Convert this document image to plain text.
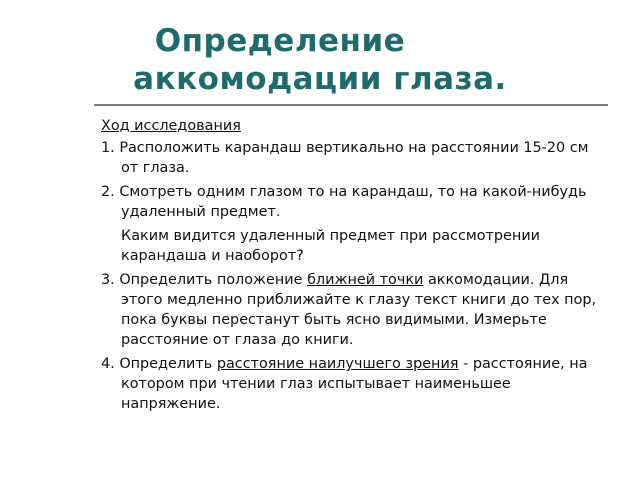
Определение
аккомодации глаза.
Ход исследования
1. Расположить карандаш вертикально на расстоянии 15-20 см от глаза.
2. Смотреть одним глазом то на карандаш, то на какой-нибудь удаленный предмет.
Каким видится удаленный предмет при рассмотрении карандаша и наоборот?
3. Определить положение ближней точки аккомодации. Для этого медленно приближайте к глазу текст книги до тех пор, пока буквы перестанут быть ясно видимыми. Измерьте расстояние от глаза до книги.
4. Определить расстояние наилучшего зрения - расстояние, на котором при чтении глаз испытывает наименьшее напряжение.
